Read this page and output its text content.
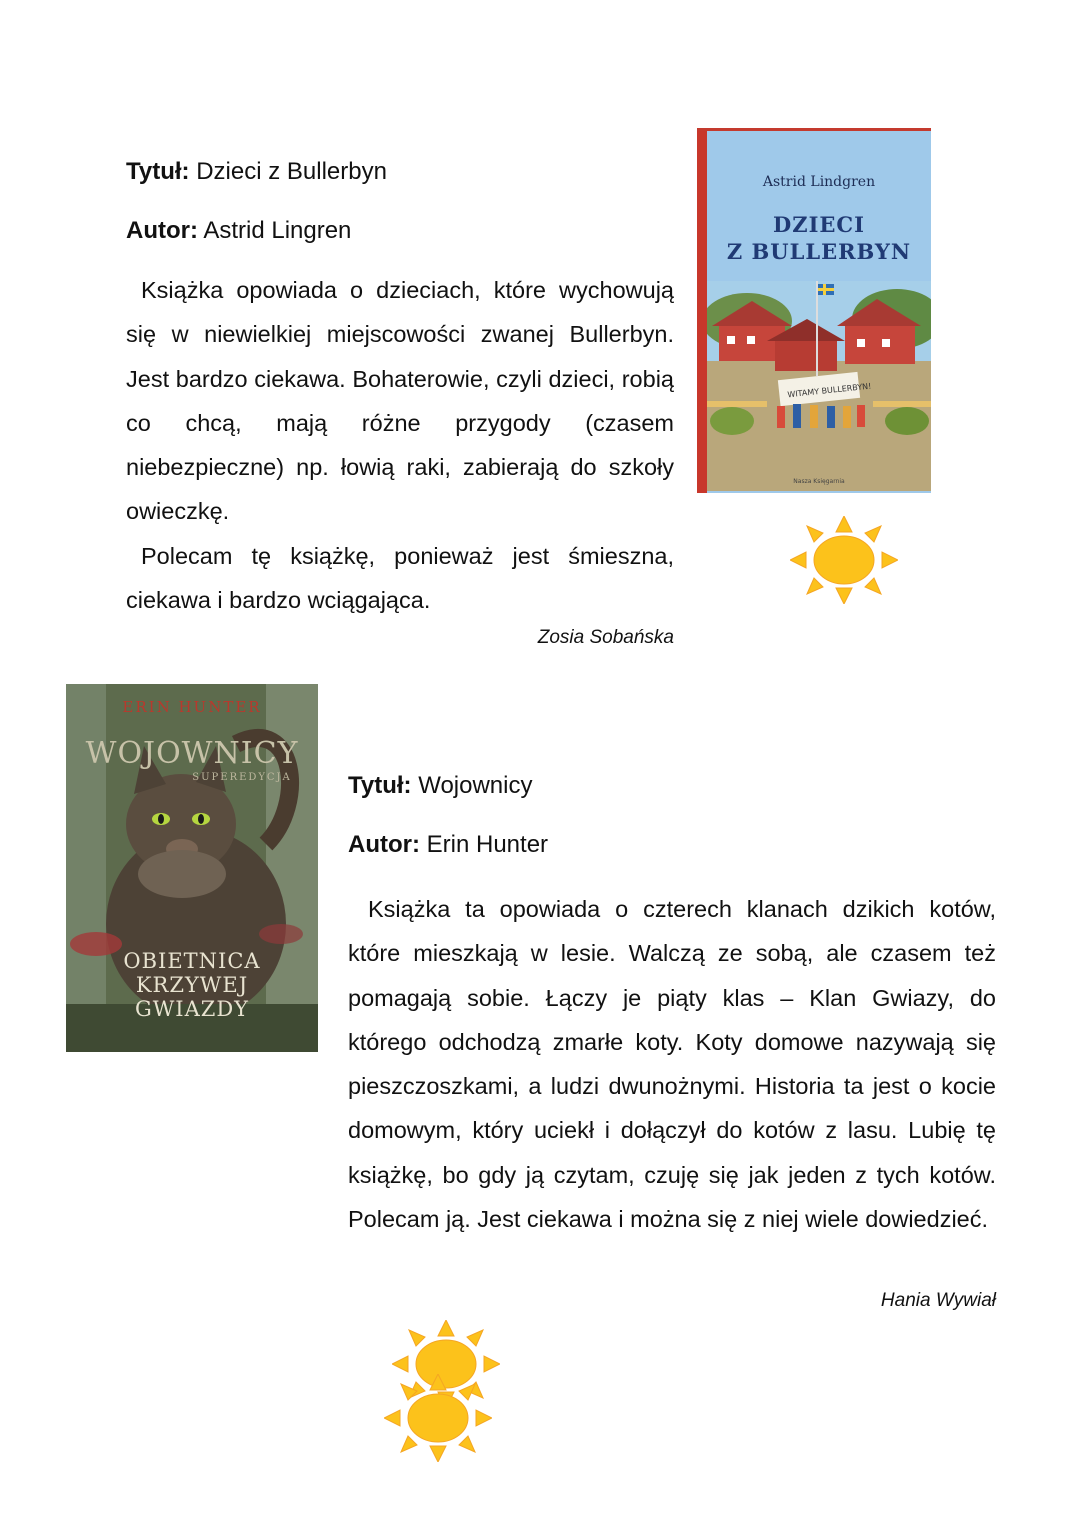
Tytuł: Dzieci z Bullerbyn
Autor: Astrid Lingren
Książka opowiada o dzieciach, które wychowują się w niewielkiej miejscowości zwanej Bullerbyn. Jest bardzo ciekawa. Bohaterowie, czyli dzieci, robią co chcą, mają różne przygody (czasem niebezpieczne) np. łowią raki, zabierają do szkoły owieczkę.
Polecam tę książkę, ponieważ jest śmieszna, ciekawa i bardzo wciągająca.
Zosia Sobańska
Astrid Lindgren
DZIECI
Z BULLERBYN
WITAMY BULLERBYN!
Nasza Księgarnia
ERIN HUNTER
WOJOWNICY
SUPEREDYCJA
OBIETNICA
KRZYWEJ
GWIAZDY
Tytuł: Wojownicy
Autor: Erin Hunter
Książka ta opowiada o czterech klanach dzikich kotów, które mieszkają w lesie. Walczą ze sobą, ale czasem też pomagają sobie. Łączy je piąty klas – Klan Gwiazy, do którego odchodzą zmarłe koty. Koty domowe nazywają się pieszczoszkami, a ludzi dwunożnymi. Historia ta jest o kocie domowym, który uciekł i dołączył do kotów z lasu. Lubię tę książkę, bo gdy ją czytam, czuję się jak jeden z tych kotów. Polecam ją. Jest ciekawa i można się z niej wiele dowiedzieć.
Hania Wywiał
